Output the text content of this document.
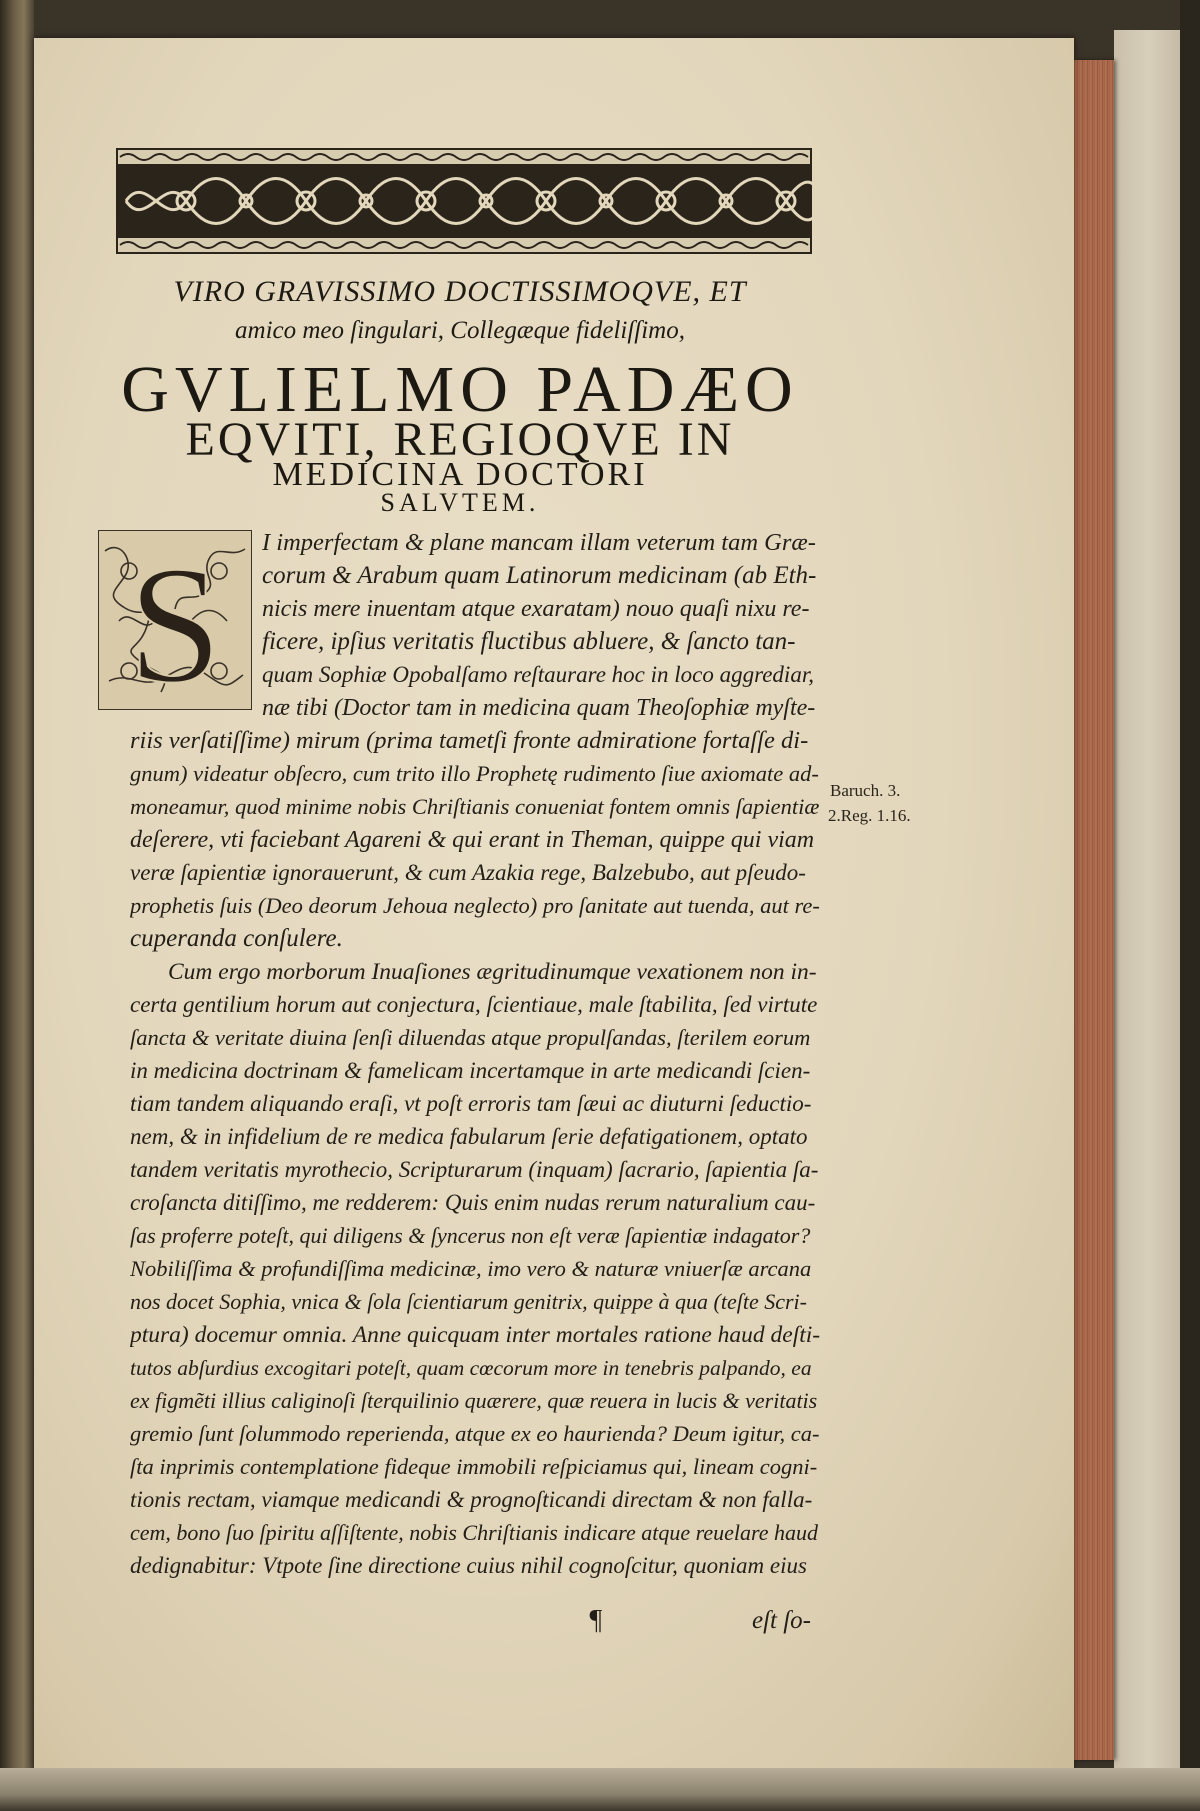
VIRO GRAVISSIMO DOCTISSIMOQVE, ET
amico meo ſingulari, Collegæque fideliſſimo,
GVLIELMO PADÆO
EQVITI, REGIOQVE IN
MEDICINA DOCTORI
SALVTEM.
S I imperfectam & plane mancam illam veterum tam Græ-
corum & Arabum quam Latinorum medicinam (ab Eth-
nicis mere inuentam atque exaratam) nouo quaſi nixu re-
ficere, ipſius veritatis fluctibus abluere, & ſancto tan-
quam Sophiæ Opobalſamo reſtaurare hoc in loco aggrediar,
næ tibi (Doctor tam in medicina quam Theoſophiæ myſte-
riis verſatiſſime) mirum (prima tametſi fronte admiratione fortaſſe di-
gnum) videatur obſecro, cum trito illo Prophetę rudimento ſiue axiomate ad-
moneamur, quod minime nobis Chriſtianis conueniat fontem omnis ſapientiæ
deſerere, vti faciebant Agareni & qui erant in Theman, quippe qui viam
veræ ſapientiæ ignorauerunt, & cum Azakia rege, Balzebubo, aut pſeudo-
prophetis ſuis (Deo deorum Jehoua neglecto) pro ſanitate aut tuenda, aut re-
cuperanda conſulere.
Cum ergo morborum Inuaſiones ægritudinumque vexationem non in-
certa gentilium horum aut conjectura, ſcientiaue, male ſtabilita, ſed virtute
ſancta & veritate diuina ſenſi diluendas atque propulſandas, ſterilem eorum
in medicina doctrinam & famelicam incertamque in arte medicandi ſcien-
tiam tandem aliquando eraſi, vt poſt erroris tam ſæui ac diuturni ſeductio-
nem, & in infidelium de re medica fabularum ſerie defatigationem, optato
tandem veritatis myrothecio, Scripturarum (inquam) ſacrario, ſapientia ſa-
croſancta ditiſſimo, me redderem: Quis enim nudas rerum naturalium cau-
ſas proferre poteſt, qui diligens & ſyncerus non eſt veræ ſapientiæ indagator?
Nobiliſſima & profundiſſima medicinæ, imo vero & naturæ vniuerſæ arcana
nos docet Sophia, vnica & ſola ſcientiarum genitrix, quippe à qua (teſte Scri-
ptura) docemur omnia. Anne quicquam inter mortales ratione haud deſti-
tutos abſurdius excogitari poteſt, quam cœcorum more in tenebris palpando, ea
ex figmẽti illius caliginoſi ſterquilinio quærere, quæ reuera in lucis & veritatis
gremio ſunt ſolummodo reperienda, atque ex eo haurienda? Deum igitur, ca-
ſta inprimis contemplatione fideque immobili reſpiciamus qui, lineam cogni-
tionis rectam, viamque medicandi & prognoſticandi directam & non falla-
cem, bono ſuo ſpiritu aſſiſtente, nobis Chriſtianis indicare atque reuelare haud
dedignabitur: Vtpote ſine directione cuius nihil cognoſcitur, quoniam eius
Baruch. 3.
2.Reg. 1.16.
¶	eſt ſo-
